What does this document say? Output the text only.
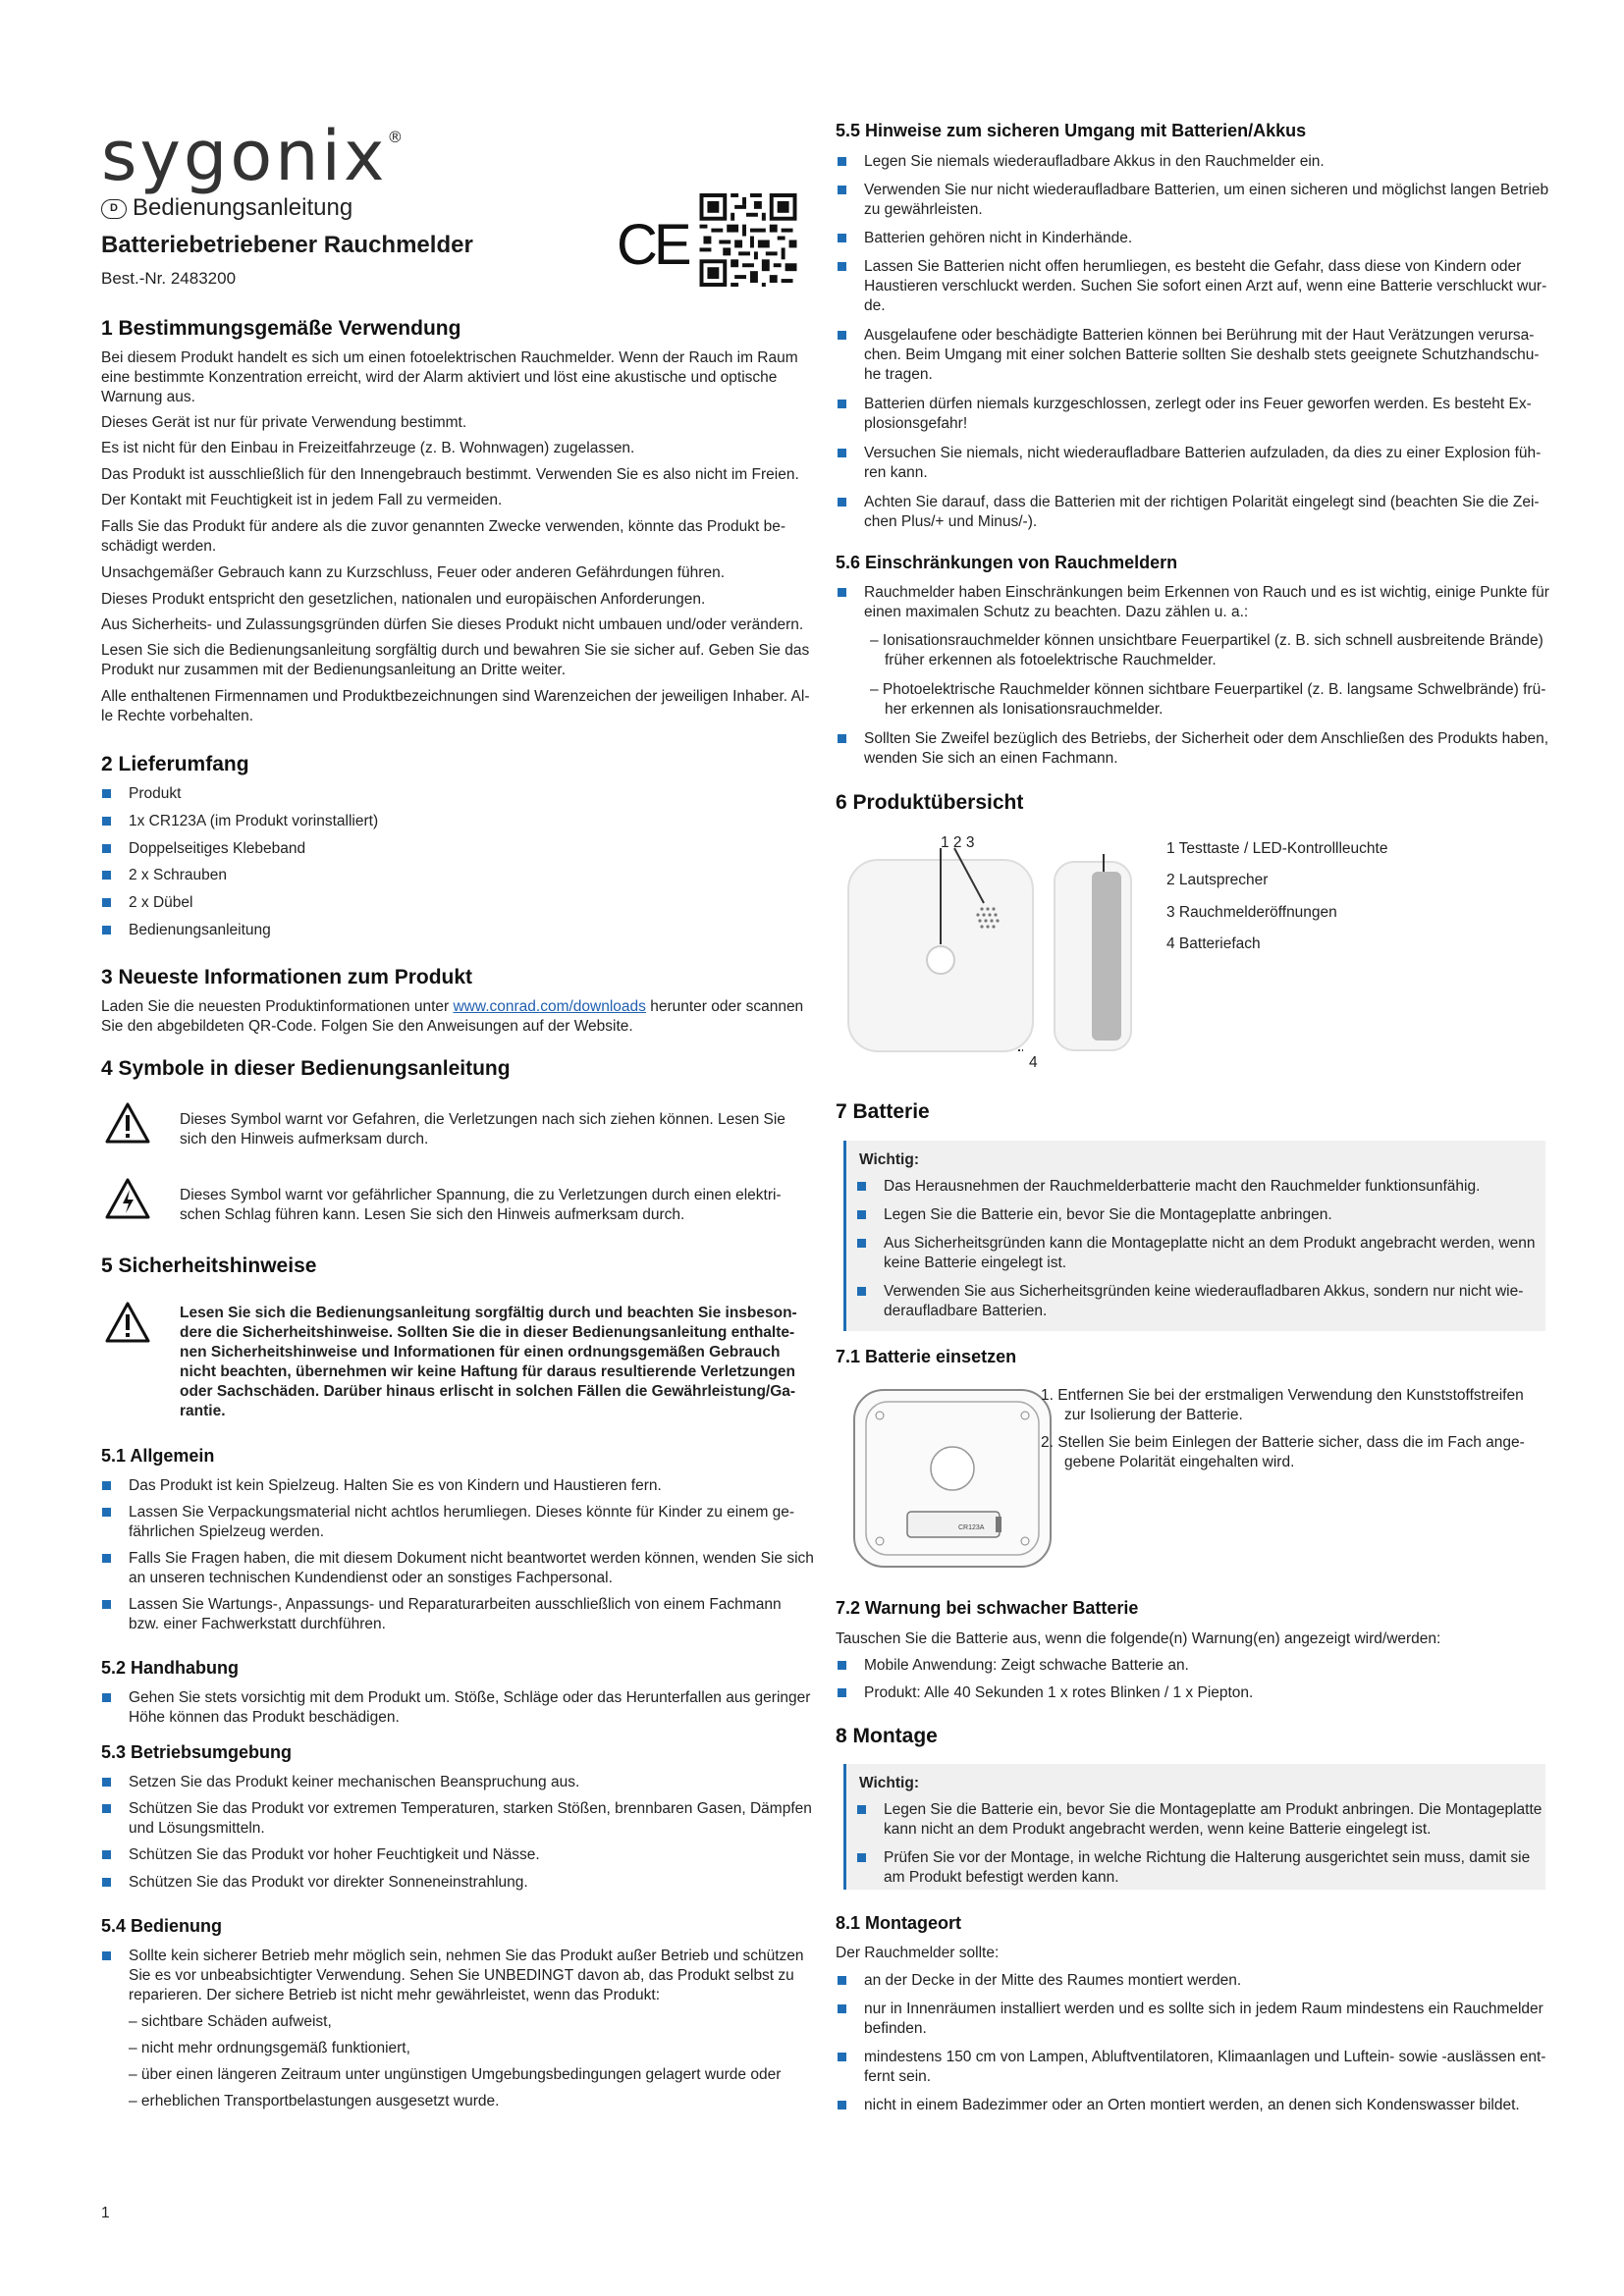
sygonix®
D Bedienungsanleitung
Batteriebetriebener Rauchmelder
Best.-Nr. 2483200
CE
1 Bestimmungsgemäße Verwendung

Bei diesem Produkt handelt es sich um einen fotoelektrischen Rauchmelder. Wenn der Rauch im Raum

eine bestimmte Konzentration erreicht, wird der Alarm aktiviert und löst eine akustische und optische

Warnung aus.

Dieses Gerät ist nur für private Verwendung bestimmt.

Es ist nicht für den Einbau in Freizeitfahrzeuge (z. B. Wohnwagen) zugelassen.

Das Produkt ist ausschließlich für den Innengebrauch bestimmt. Verwenden Sie es also nicht im Freien.

Der Kontakt mit Feuchtigkeit ist in jedem Fall zu vermeiden.

Falls Sie das Produkt für andere als die zuvor genannten Zwecke verwenden, könnte das Produkt be-

schädigt werden.

Unsachgemäßer Gebrauch kann zu Kurzschluss, Feuer oder anderen Gefährdungen führen.

Dieses Produkt entspricht den gesetzlichen, nationalen und europäischen Anforderungen.

Aus Sicherheits- und Zulassungsgründen dürfen Sie dieses Produkt nicht umbauen und/oder verändern.

Lesen Sie sich die Bedienungsanleitung sorgfältig durch und bewahren Sie sie sicher auf. Geben Sie das

Produkt nur zusammen mit der Bedienungsanleitung an Dritte weiter.

Alle enthaltenen Firmennamen und Produktbezeichnungen sind Warenzeichen der jeweiligen Inhaber. Al-

le Rechte vorbehalten.

2 Lieferumfang
Produkt
1x CR123A (im Produkt vorinstalliert)
Doppelseitiges Klebeband
2 x Schrauben
2 x Dübel
Bedienungsanleitung
3 Neueste Informationen zum Produkt

Laden Sie die neuesten Produktinformationen unter www.conrad.com/downloads herunter oder scannen

Sie den abgebildeten QR-Code. Folgen Sie den Anweisungen auf der Website.

4 Symbole in dieser Bedienungsanleitung

Dieses Symbol warnt vor Gefahren, die Verletzungen nach sich ziehen können. Lesen Sie

sich den Hinweis aufmerksam durch.

Dieses Symbol warnt vor gefährlicher Spannung, die zu Verletzungen durch einen elektri-

schen Schlag führen kann. Lesen Sie sich den Hinweis aufmerksam durch.

5 Sicherheitshinweise

Lesen Sie sich die Bedienungsanleitung sorgfältig durch und beachten Sie insbeson-

dere die Sicherheitshinweise. Sollten Sie die in dieser Bedienungsanleitung enthalte-

nen Sicherheitshinweise und Informationen für einen ordnungsgemäßen Gebrauch

nicht beachten, übernehmen wir keine Haftung für daraus resultierende Verletzungen

oder Sachschäden. Darüber hinaus erlischt in solchen Fällen die Gewährleistung/Ga-

rantie.

5.1 Allgemein
Das Produkt ist kein Spielzeug. Halten Sie es von Kindern und Haustieren fern.
Lassen Sie Verpackungsmaterial nicht achtlos herumliegen. Dieses könnte für Kinder zu einem ge-

fährlichen Spielzeug werden.

Falls Sie Fragen haben, die mit diesem Dokument nicht beantwortet werden können, wenden Sie sich

an unseren technischen Kundendienst oder an sonstiges Fachpersonal.

Lassen Sie Wartungs-, Anpassungs- und Reparaturarbeiten ausschließlich von einem Fachmann

bzw. einer Fachwerkstatt durchführen.

5.2 Handhabung
Gehen Sie stets vorsichtig mit dem Produkt um. Stöße, Schläge oder das Herunterfallen aus geringer

Höhe können das Produkt beschädigen.

5.3 Betriebsumgebung
Setzen Sie das Produkt keiner mechanischen Beanspruchung aus.
Schützen Sie das Produkt vor extremen Temperaturen, starken Stößen, brennbaren Gasen, Dämpfen

und Lösungsmitteln.

Schützen Sie das Produkt vor hoher Feuchtigkeit und Nässe.
Schützen Sie das Produkt vor direkter Sonneneinstrahlung.
5.4 Bedienung
Sollte kein sicherer Betrieb mehr möglich sein, nehmen Sie das Produkt außer Betrieb und schützen

Sie es vor unbeabsichtigter Verwendung. Sehen Sie UNBEDINGT davon ab, das Produkt selbst zu

reparieren. Der sichere Betrieb ist nicht mehr gewährleistet, wenn das Produkt:

– sichtbare Schäden aufweist,

– nicht mehr ordnungsgemäß funktioniert,

– über einen längeren Zeitraum unter ungünstigen Umgebungsbedingungen gelagert wurde oder

– erheblichen Transportbelastungen ausgesetzt wurde.

1
5.5 Hinweise zum sicheren Umgang mit Batterien/Akkus
Legen Sie niemals wiederaufladbare Akkus in den Rauchmelder ein.
Verwenden Sie nur nicht wiederaufladbare Batterien, um einen sicheren und möglichst langen Betrieb

zu gewährleisten.

Batterien gehören nicht in Kinderhände.
Lassen Sie Batterien nicht offen herumliegen, es besteht die Gefahr, dass diese von Kindern oder

Haustieren verschluckt werden. Suchen Sie sofort einen Arzt auf, wenn eine Batterie verschluckt wur-

de.

Ausgelaufene oder beschädigte Batterien können bei Berührung mit der Haut Verätzungen verursa-

chen. Beim Umgang mit einer solchen Batterie sollten Sie deshalb stets geeignete Schutzhandschu-

he tragen.

Batterien dürfen niemals kurzgeschlossen, zerlegt oder ins Feuer geworfen werden. Es besteht Ex-

plosionsgefahr!

Versuchen Sie niemals, nicht wiederaufladbare Batterien aufzuladen, da dies zu einer Explosion füh-

ren kann.

Achten Sie darauf, dass die Batterien mit der richtigen Polarität eingelegt sind (beachten Sie die Zei-

chen Plus/+ und Minus/-).

5.6 Einschränkungen von Rauchmeldern
Rauchmelder haben Einschränkungen beim Erkennen von Rauch und es ist wichtig, einige Punkte für

einen maximalen Schutz zu beachten. Dazu zählen u. a.:

– Ionisationsrauchmelder können unsichtbare Feuerpartikel (z. B. sich schnell ausbreitende Brände)

früher erkennen als fotoelektrische Rauchmelder.

– Photoelektrische Rauchmelder können sichtbare Feuerpartikel (z. B. langsame Schwelbrände) frü-

her erkennen als Ionisationsrauchmelder.

Sollten Sie Zweifel bezüglich des Betriebs, der Sicherheit oder dem Anschließen des Produkts haben,

wenden Sie sich an einen Fachmann.

6 Produktübersicht
1 2 3
4

1 Testtaste / LED-Kontrollleuchte

2 Lautsprecher

3 Rauchmelderöffnungen

4 Batteriefach

7 Batterie
Wichtig:
Das Herausnehmen der Rauchmelderbatterie macht den Rauchmelder funktionsunfähig.
Legen Sie die Batterie ein, bevor Sie die Montageplatte anbringen.
Aus Sicherheitsgründen kann die Montageplatte nicht an dem Produkt angebracht werden, wenn

keine Batterie eingelegt ist.

Verwenden Sie aus Sicherheitsgründen keine wiederaufladbaren Akkus, sondern nur nicht wie-

deraufladbare Batterien.

7.1 Batterie einsetzen
CR123A

1. Entfernen Sie bei der erstmaligen Verwendung den Kunststoffstreifen

zur Isolierung der Batterie.

2. Stellen Sie beim Einlegen der Batterie sicher, dass die im Fach ange-

gebene Polarität eingehalten wird.

7.2 Warnung bei schwacher Batterie

Tauschen Sie die Batterie aus, wenn die folgende(n) Warnung(en) angezeigt wird/werden:

Mobile Anwendung: Zeigt schwache Batterie an.
Produkt: Alle 40 Sekunden 1 x rotes Blinken / 1 x Piepton.
8 Montage
Wichtig:
Legen Sie die Batterie ein, bevor Sie die Montageplatte am Produkt anbringen. Die Montageplatte

kann nicht an dem Produkt angebracht werden, wenn keine Batterie eingelegt ist.

Prüfen Sie vor der Montage, in welche Richtung die Halterung ausgerichtet sein muss, damit sie

am Produkt befestigt werden kann.

8.1 Montageort

Der Rauchmelder sollte:

an der Decke in der Mitte des Raumes montiert werden.
nur in Innenräumen installiert werden und es sollte sich in jedem Raum mindestens ein Rauchmelder

befinden.

mindestens 150 cm von Lampen, Abluftventilatoren, Klimaanlagen und Luftein- sowie -auslässen ent-

fernt sein.

nicht in einem Badezimmer oder an Orten montiert werden, an denen sich Kondenswasser bildet.
